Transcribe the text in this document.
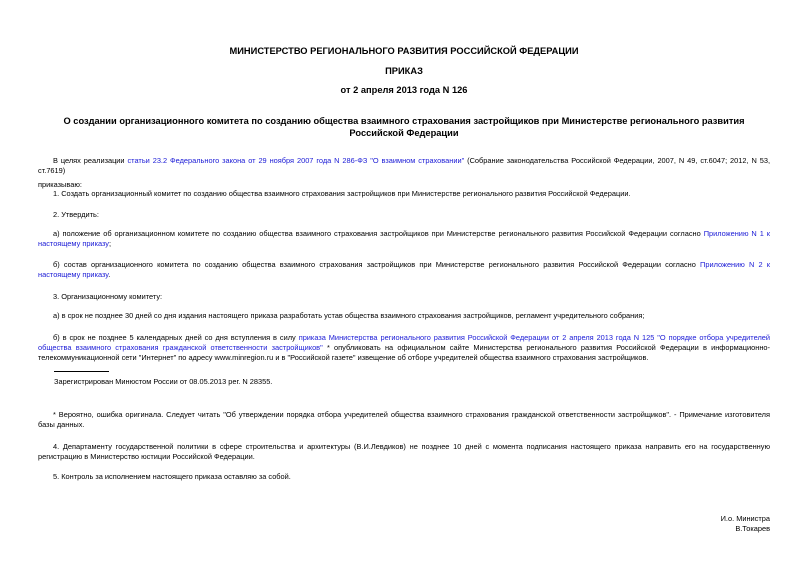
МИНИСТЕРСТВО РЕГИОНАЛЬНОГО РАЗВИТИЯ РОССИЙСКОЙ ФЕДЕРАЦИИ
ПРИКАЗ
от 2 апреля 2013 года N 126
О создании организационного комитета по созданию общества взаимного страхования застройщиков при Министерстве регионального развития Российской Федерации
В целях реализации статьи 23.2 Федерального закона от 29 ноября 2007 года N 286-ФЗ "О взаимном страховании" (Собрание законодательства Российской Федерации, 2007, N 49, ст.6047; 2012, N 53, ст.7619)
приказываю:
1. Создать организационный комитет по созданию общества взаимного страхования застройщиков при Министерстве регионального развития Российской Федерации.
2. Утвердить:
а) положение об организационном комитете по созданию общества взаимного страхования застройщиков при Министерстве регионального развития Российской Федерации согласно Приложению N 1 к настоящему приказу;
б) состав организационного комитета по созданию общества взаимного страхования застройщиков при Министерстве регионального развития Российской Федерации согласно Приложению N 2 к настоящему приказу.
3. Организационному комитету:
а) в срок не позднее 30 дней со дня издания настоящего приказа разработать устав общества взаимного страхования застройщиков, регламент учредительного собрания;
б) в срок не позднее 5 календарных дней со дня вступления в силу приказа Министерства регионального развития Российской Федерации от 2 апреля 2013 года N 125 "О порядке отбора учредителей общества взаимного страхования гражданской ответственности застройщиков" * опубликовать на официальном сайте Министерства регионального развития Российской Федерации в информационно-телекоммуникационной сети "Интернет" по адресу www.minregion.ru и в "Российской газете" извещение об отборе учредителей общества взаимного страхования застройщиков.
Зарегистрирован Минюстом России от 08.05.2013 рег. N 28355.
* Вероятно, ошибка оригинала. Следует читать "Об утверждении порядка отбора учредителей общества взаимного страхования гражданской ответственности застройщиков". - Примечание изготовителя базы данных.
4. Департаменту государственной политики в сфере строительства и архитектуры (В.И.Левдиков) не позднее 10 дней с момента подписания настоящего приказа направить его на государственную регистрацию в Министерство юстиции Российской Федерации.
5. Контроль за исполнением настоящего приказа оставляю за собой.
И.о. Министра
В.Токарев
